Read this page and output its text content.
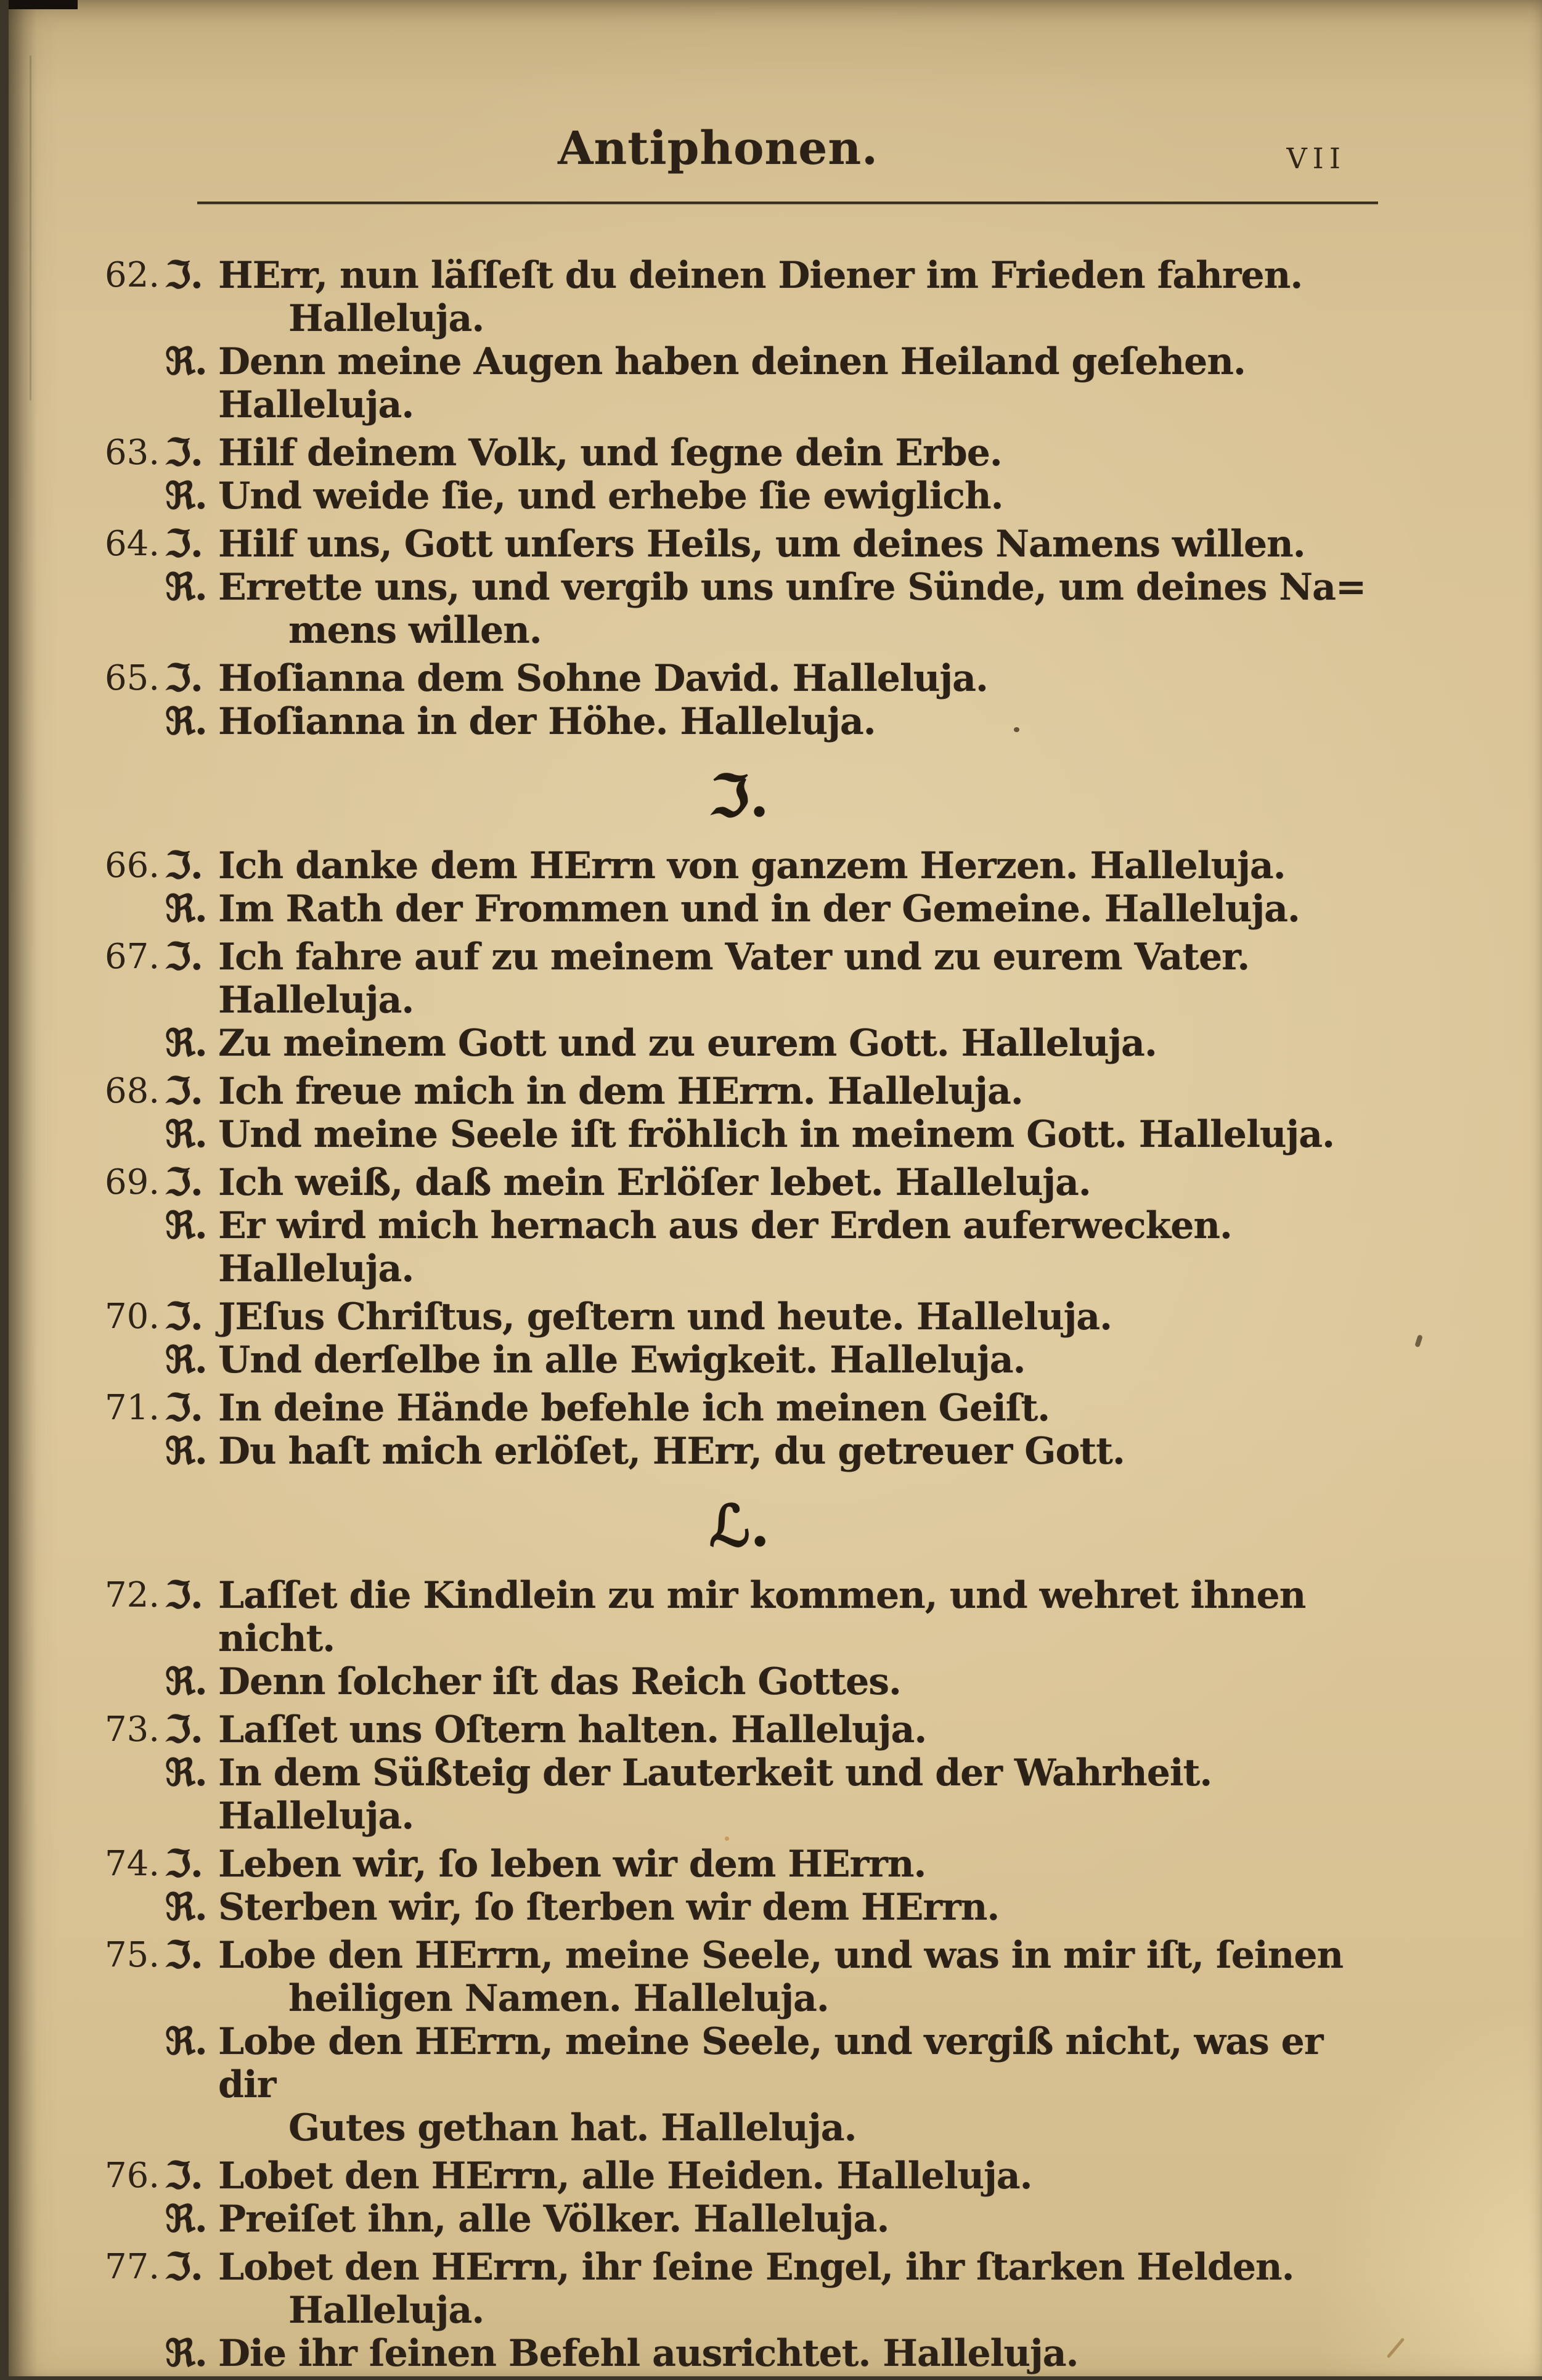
Antiphonen.	VII
62. ℑ. HErr, nun läſſeſt du deinen Diener im Frieden fahren.
Halleluja.

ℜ. Denn meine Augen haben deinen Heiland geſehen. Halleluja.

63. ℑ. Hilf deinem Volk, und ſegne dein Erbe.

ℜ. Und weide ſie, und erhebe ſie ewiglich.

64. ℑ. Hilf uns, Gott unſers Heils, um deines Namens willen.

ℜ. Errette uns, und vergib uns unſre Sünde, um deines Na=
mens willen.

65. ℑ. Hoſianna dem Sohne David. Halleluja.

ℜ. Hoſianna in der Höhe. Halleluja.

ℑ.
66. ℑ. Ich danke dem HErrn von ganzem Herzen. Halleluja.

ℜ. Im Rath der Frommen und in der Gemeine. Halleluja.

67. ℑ. Ich fahre auf zu meinem Vater und zu eurem Vater. Halleluja.

ℜ. Zu meinem Gott und zu eurem Gott. Halleluja.

68. ℑ. Ich freue mich in dem HErrn. Halleluja.

ℜ. Und meine Seele iſt fröhlich in meinem Gott. Halleluja.

69. ℑ. Ich weiß, daß mein Erlöſer lebet. Halleluja.

ℜ. Er wird mich hernach aus der Erden auferwecken. Halleluja.

70. ℑ. JEſus Chriſtus, geſtern und heute. Halleluja.

ℜ. Und derſelbe in alle Ewigkeit. Halleluja.

71. ℑ. In deine Hände befehle ich meinen Geiſt.

ℜ. Du haſt mich erlöſet, HErr, du getreuer Gott.

ℒ.
72. ℑ. Laſſet die Kindlein zu mir kommen, und wehret ihnen nicht.

ℜ. Denn ſolcher iſt das Reich Gottes.

73. ℑ. Laſſet uns Oſtern halten. Halleluja.

ℜ. In dem Süßteig der Lauterkeit und der Wahrheit. Halleluja.

74. ℑ. Leben wir, ſo leben wir dem HErrn.

ℜ. Sterben wir, ſo ſterben wir dem HErrn.

75. ℑ. Lobe den HErrn, meine Seele, und was in mir iſt, ſeinen
heiligen Namen. Halleluja.

ℜ. Lobe den HErrn, meine Seele, und vergiß nicht, was er dir
Gutes gethan hat. Halleluja.

76. ℑ. Lobet den HErrn, alle Heiden. Halleluja.

ℜ. Preiſet ihn, alle Völker. Halleluja.

77. ℑ. Lobet den HErrn, ihr ſeine Engel, ihr ſtarken Helden.
Halleluja.

ℜ. Die ihr ſeinen Befehl ausrichtet. Halleluja.
